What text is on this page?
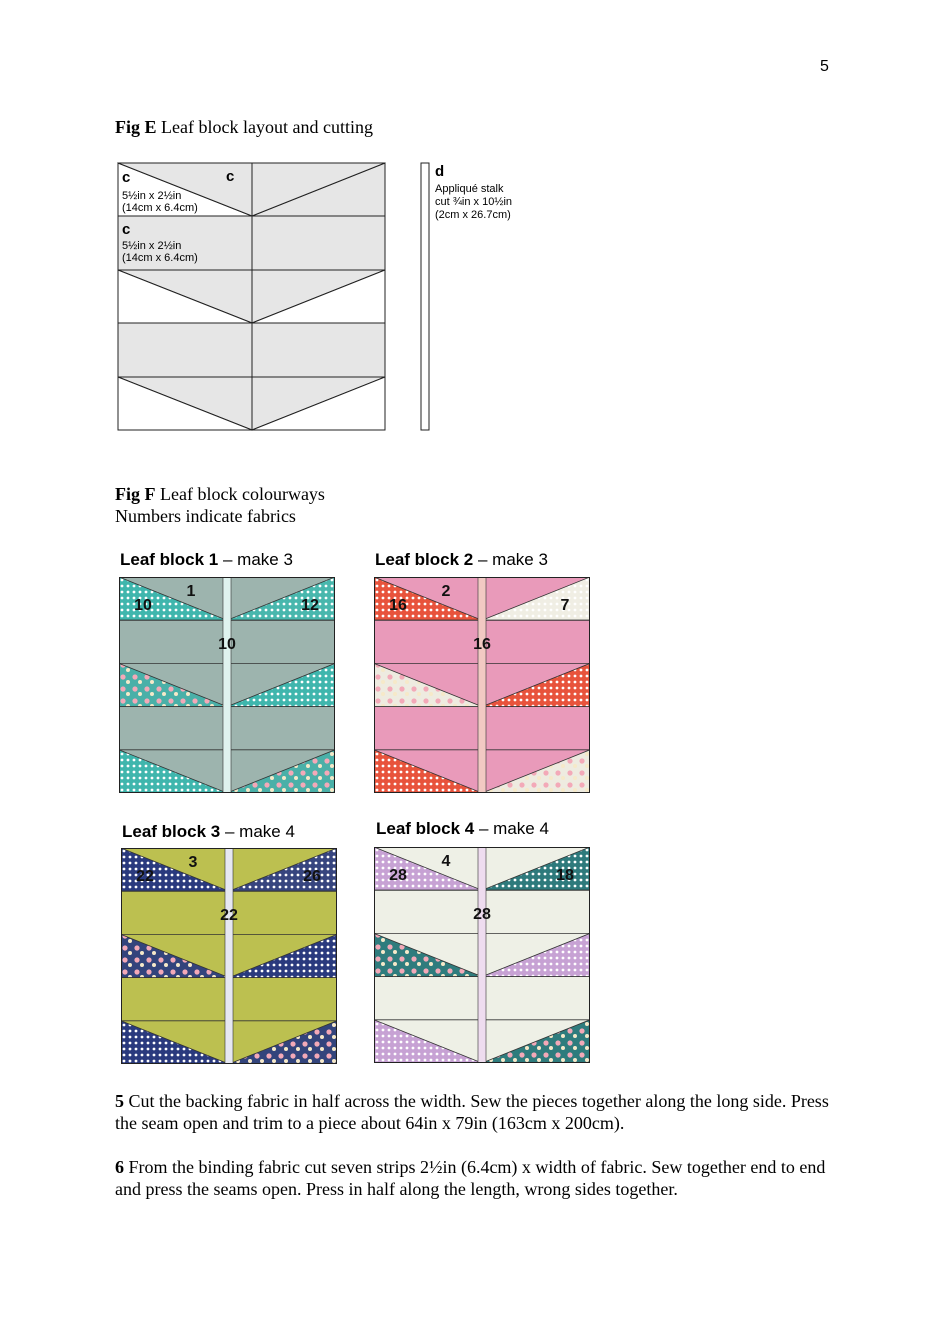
5
Fig E Leaf block layout and cutting
c
5½in x 2½in
(14cm x 6.4cm)
c
c
5½in x 2½in
(14cm x 6.4cm)
d
Appliqué stalk
cut ¾in x 10½in
(2cm x 26.7cm)
Fig F Leaf block colourways
Numbers indicate fabrics
Leaf block 1 – make 3	Leaf block 2 – make 3
Leaf block 3 – make 4	Leaf block 4 – make 4
1
10	12
10
2
16	7
16
3
22	26
22
4
28	18
28

5 Cut the backing fabric in half across the width. Sew the pieces together along the long side. Press the seam open and trim to a piece about 64in x 79in (163cm x 200cm).

6 From the binding fabric cut seven strips 2½in (6.4cm) x width of fabric. Sew together end to end and press the seams open. Press in half along the length, wrong sides together.
